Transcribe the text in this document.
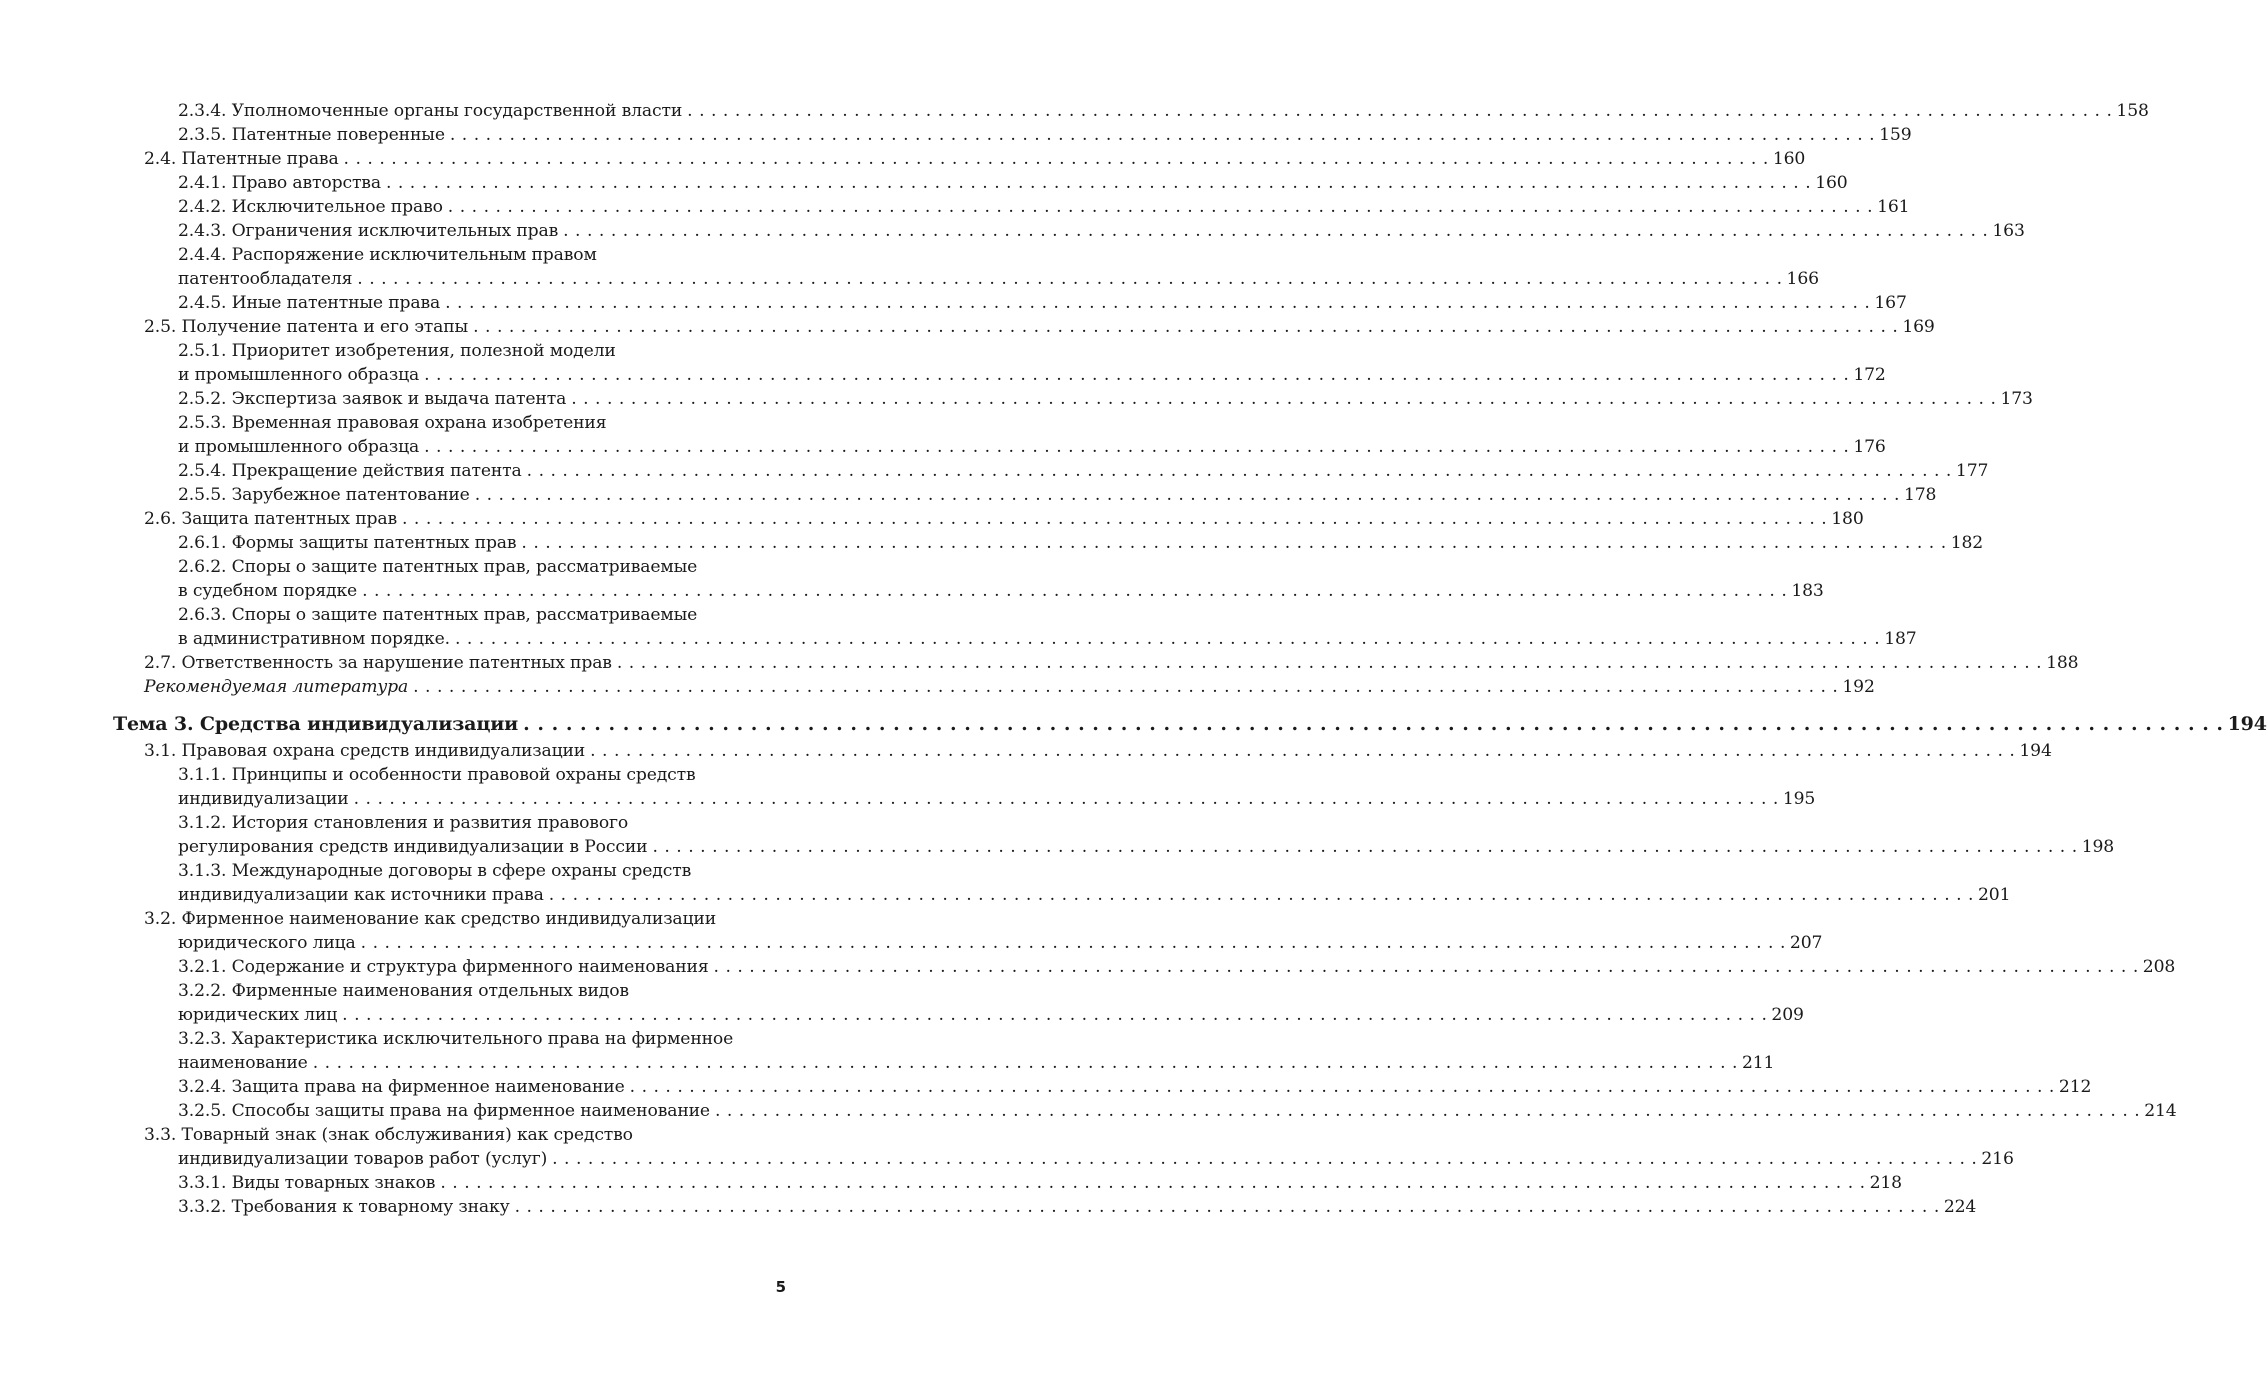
2.3.4. Уполномоченные органы государственной власти . . . . . . . . . . . . . . . . . . . . . . . . . . . . . . . . . . . . . . . . . . . . . . . . . . . . . . . . . . . . . . . . . . . . . . . . . . . . . . . . . . . . . . . . . . . . . . . . . . . . . . . . . . . . . . . . . . . . . . . . 158
2.3.5. Патентные поверенные . . . . . . . . . . . . . . . . . . . . . . . . . . . . . . . . . . . . . . . . . . . . . . . . . . . . . . . . . . . . . . . . . . . . . . . . . . . . . . . . . . . . . . . . . . . . . . . . . . . . . . . . . . . . . . . . . . . . . . . . 159
2.4. Патентные права . . . . . . . . . . . . . . . . . . . . . . . . . . . . . . . . . . . . . . . . . . . . . . . . . . . . . . . . . . . . . . . . . . . . . . . . . . . . . . . . . . . . . . . . . . . . . . . . . . . . . . . . . . . . . . . . . . . . . . . . 160
2.4.1. Право авторства . . . . . . . . . . . . . . . . . . . . . . . . . . . . . . . . . . . . . . . . . . . . . . . . . . . . . . . . . . . . . . . . . . . . . . . . . . . . . . . . . . . . . . . . . . . . . . . . . . . . . . . . . . . . . . . . . . . . . . . . 160
2.4.2. Исключительное право . . . . . . . . . . . . . . . . . . . . . . . . . . . . . . . . . . . . . . . . . . . . . . . . . . . . . . . . . . . . . . . . . . . . . . . . . . . . . . . . . . . . . . . . . . . . . . . . . . . . . . . . . . . . . . . . . . . . . . . . 161
2.4.3. Ограничения исключительных прав . . . . . . . . . . . . . . . . . . . . . . . . . . . . . . . . . . . . . . . . . . . . . . . . . . . . . . . . . . . . . . . . . . . . . . . . . . . . . . . . . . . . . . . . . . . . . . . . . . . . . . . . . . . . . . . . . . . . . . . . 163
2.4.4. Распоряжение исключительным правом
патентообладателя . . . . . . . . . . . . . . . . . . . . . . . . . . . . . . . . . . . . . . . . . . . . . . . . . . . . . . . . . . . . . . . . . . . . . . . . . . . . . . . . . . . . . . . . . . . . . . . . . . . . . . . . . . . . . . . . . . . . . . . . 166
2.4.5. Иные патентные права . . . . . . . . . . . . . . . . . . . . . . . . . . . . . . . . . . . . . . . . . . . . . . . . . . . . . . . . . . . . . . . . . . . . . . . . . . . . . . . . . . . . . . . . . . . . . . . . . . . . . . . . . . . . . . . . . . . . . . . . 167
2.5. Получение патента и его этапы . . . . . . . . . . . . . . . . . . . . . . . . . . . . . . . . . . . . . . . . . . . . . . . . . . . . . . . . . . . . . . . . . . . . . . . . . . . . . . . . . . . . . . . . . . . . . . . . . . . . . . . . . . . . . . . . . . . . . . . . 169
2.5.1. Приоритет изобретения, полезной модели
и промышленного образца . . . . . . . . . . . . . . . . . . . . . . . . . . . . . . . . . . . . . . . . . . . . . . . . . . . . . . . . . . . . . . . . . . . . . . . . . . . . . . . . . . . . . . . . . . . . . . . . . . . . . . . . . . . . . . . . . . . . . . . . 172
2.5.2. Экспертиза заявок и выдача патента . . . . . . . . . . . . . . . . . . . . . . . . . . . . . . . . . . . . . . . . . . . . . . . . . . . . . . . . . . . . . . . . . . . . . . . . . . . . . . . . . . . . . . . . . . . . . . . . . . . . . . . . . . . . . . . . . . . . . . . . 173
2.5.3. Временная правовая охрана изобретения
и промышленного образца . . . . . . . . . . . . . . . . . . . . . . . . . . . . . . . . . . . . . . . . . . . . . . . . . . . . . . . . . . . . . . . . . . . . . . . . . . . . . . . . . . . . . . . . . . . . . . . . . . . . . . . . . . . . . . . . . . . . . . . . 176
2.5.4. Прекращение действия патента . . . . . . . . . . . . . . . . . . . . . . . . . . . . . . . . . . . . . . . . . . . . . . . . . . . . . . . . . . . . . . . . . . . . . . . . . . . . . . . . . . . . . . . . . . . . . . . . . . . . . . . . . . . . . . . . . . . . . . . . 177
2.5.5. Зарубежное патентование . . . . . . . . . . . . . . . . . . . . . . . . . . . . . . . . . . . . . . . . . . . . . . . . . . . . . . . . . . . . . . . . . . . . . . . . . . . . . . . . . . . . . . . . . . . . . . . . . . . . . . . . . . . . . . . . . . . . . . . . 178
2.6. Защита патентных прав . . . . . . . . . . . . . . . . . . . . . . . . . . . . . . . . . . . . . . . . . . . . . . . . . . . . . . . . . . . . . . . . . . . . . . . . . . . . . . . . . . . . . . . . . . . . . . . . . . . . . . . . . . . . . . . . . . . . . . . . 180
2.6.1. Формы защиты патентных прав . . . . . . . . . . . . . . . . . . . . . . . . . . . . . . . . . . . . . . . . . . . . . . . . . . . . . . . . . . . . . . . . . . . . . . . . . . . . . . . . . . . . . . . . . . . . . . . . . . . . . . . . . . . . . . . . . . . . . . . . 182
2.6.2. Споры о защите патентных прав, рассматриваемые
в судебном порядке . . . . . . . . . . . . . . . . . . . . . . . . . . . . . . . . . . . . . . . . . . . . . . . . . . . . . . . . . . . . . . . . . . . . . . . . . . . . . . . . . . . . . . . . . . . . . . . . . . . . . . . . . . . . . . . . . . . . . . . . 183
2.6.3. Споры о защите патентных прав, рассматриваемые
в административном порядке. . . . . . . . . . . . . . . . . . . . . . . . . . . . . . . . . . . . . . . . . . . . . . . . . . . . . . . . . . . . . . . . . . . . . . . . . . . . . . . . . . . . . . . . . . . . . . . . . . . . . . . . . . . . . . . . . . . . . . . . . 187
2.7. Ответственность за нарушение патентных прав . . . . . . . . . . . . . . . . . . . . . . . . . . . . . . . . . . . . . . . . . . . . . . . . . . . . . . . . . . . . . . . . . . . . . . . . . . . . . . . . . . . . . . . . . . . . . . . . . . . . . . . . . . . . . . . . . . . . . . . . 188
Рекомендуемая литература . . . . . . . . . . . . . . . . . . . . . . . . . . . . . . . . . . . . . . . . . . . . . . . . . . . . . . . . . . . . . . . . . . . . . . . . . . . . . . . . . . . . . . . . . . . . . . . . . . . . . . . . . . . . . . . . . . . . . . . . 192
Тема 3. Средства индивидуализации . . . . . . . . . . . . . . . . . . . . . . . . . . . . . . . . . . . . . . . . . . . . . . . . . . . . . . . . . . . . . . . . . . . . . . . . . . . . . . . . . . . . . . . . . . . . . . . . . . . . . . . . . . . . . . . . . . . . . . . . 194
3.1. Правовая охрана средств индивидуализации . . . . . . . . . . . . . . . . . . . . . . . . . . . . . . . . . . . . . . . . . . . . . . . . . . . . . . . . . . . . . . . . . . . . . . . . . . . . . . . . . . . . . . . . . . . . . . . . . . . . . . . . . . . . . . . . . . . . . . . . 194
3.1.1. Принципы и особенности правовой охраны средств
индивидуализации . . . . . . . . . . . . . . . . . . . . . . . . . . . . . . . . . . . . . . . . . . . . . . . . . . . . . . . . . . . . . . . . . . . . . . . . . . . . . . . . . . . . . . . . . . . . . . . . . . . . . . . . . . . . . . . . . . . . . . . . 195
3.1.2. История становления и развития правового
регулирования средств индивидуализации в России . . . . . . . . . . . . . . . . . . . . . . . . . . . . . . . . . . . . . . . . . . . . . . . . . . . . . . . . . . . . . . . . . . . . . . . . . . . . . . . . . . . . . . . . . . . . . . . . . . . . . . . . . . . . . . . . . . . . . . . . 198
3.1.3. Международные договоры в сфере охраны средств
индивидуализации как источники права . . . . . . . . . . . . . . . . . . . . . . . . . . . . . . . . . . . . . . . . . . . . . . . . . . . . . . . . . . . . . . . . . . . . . . . . . . . . . . . . . . . . . . . . . . . . . . . . . . . . . . . . . . . . . . . . . . . . . . . . 201
3.2. Фирменное наименование как средство индивидуализации
юридического лица . . . . . . . . . . . . . . . . . . . . . . . . . . . . . . . . . . . . . . . . . . . . . . . . . . . . . . . . . . . . . . . . . . . . . . . . . . . . . . . . . . . . . . . . . . . . . . . . . . . . . . . . . . . . . . . . . . . . . . . . 207
3.2.1. Содержание и структура фирменного наименования . . . . . . . . . . . . . . . . . . . . . . . . . . . . . . . . . . . . . . . . . . . . . . . . . . . . . . . . . . . . . . . . . . . . . . . . . . . . . . . . . . . . . . . . . . . . . . . . . . . . . . . . . . . . . . . . . . . . . . . . 208
3.2.2. Фирменные наименования отдельных видов
юридических лиц . . . . . . . . . . . . . . . . . . . . . . . . . . . . . . . . . . . . . . . . . . . . . . . . . . . . . . . . . . . . . . . . . . . . . . . . . . . . . . . . . . . . . . . . . . . . . . . . . . . . . . . . . . . . . . . . . . . . . . . . 209
3.2.3. Характеристика исключительного права на фирменное
наименование . . . . . . . . . . . . . . . . . . . . . . . . . . . . . . . . . . . . . . . . . . . . . . . . . . . . . . . . . . . . . . . . . . . . . . . . . . . . . . . . . . . . . . . . . . . . . . . . . . . . . . . . . . . . . . . . . . . . . . . . 211
3.2.4. Защита права на фирменное наименование . . . . . . . . . . . . . . . . . . . . . . . . . . . . . . . . . . . . . . . . . . . . . . . . . . . . . . . . . . . . . . . . . . . . . . . . . . . . . . . . . . . . . . . . . . . . . . . . . . . . . . . . . . . . . . . . . . . . . . . . 212
3.2.5. Способы защиты права на фирменное наименование . . . . . . . . . . . . . . . . . . . . . . . . . . . . . . . . . . . . . . . . . . . . . . . . . . . . . . . . . . . . . . . . . . . . . . . . . . . . . . . . . . . . . . . . . . . . . . . . . . . . . . . . . . . . . . . . . . . . . . . . 214
3.3. Товарный знак (знак обслуживания) как средство
индивидуализации товаров работ (услуг) . . . . . . . . . . . . . . . . . . . . . . . . . . . . . . . . . . . . . . . . . . . . . . . . . . . . . . . . . . . . . . . . . . . . . . . . . . . . . . . . . . . . . . . . . . . . . . . . . . . . . . . . . . . . . . . . . . . . . . . . 216
3.3.1. Виды товарных знаков . . . . . . . . . . . . . . . . . . . . . . . . . . . . . . . . . . . . . . . . . . . . . . . . . . . . . . . . . . . . . . . . . . . . . . . . . . . . . . . . . . . . . . . . . . . . . . . . . . . . . . . . . . . . . . . . . . . . . . . . 218
3.3.2. Требования к товарному знаку . . . . . . . . . . . . . . . . . . . . . . . . . . . . . . . . . . . . . . . . . . . . . . . . . . . . . . . . . . . . . . . . . . . . . . . . . . . . . . . . . . . . . . . . . . . . . . . . . . . . . . . . . . . . . . . . . . . . . . . . 224
5
